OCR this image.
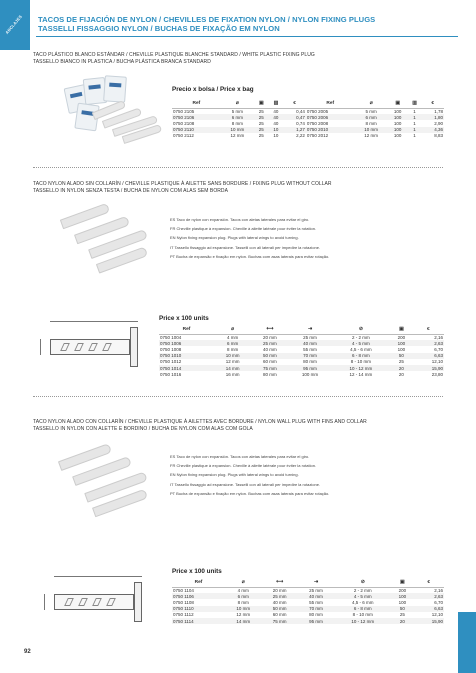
ANCLAJES TACOS DE FIJACIÓN DE NYLON / CHEVILLES DE FIXATION NYLON / NYLON FIXING PLUGS
TASSELLI FISSAGGIO NYLON / BUCHAS DE FIXAÇÃO EM NYLON
TACO PLÁSTICO BLANCO ESTÁNDAR / CHEVILLE PLASTIQUE BLANCHE STANDARD / WHITE PLASTIC FIXING PLUG
TASSELLO BIANCO IN PLASTICA / BUCHA PLÁSTICA BRANCA STANDARD
Precio x bolsa / Price x bag
Ref	⌀	▣	▥	€	Ref	⌀	▣	▥	€
0750 2105	5 mm	25	40	0,44	0750 2005	5 mm	100	1	1,78
0750 2106	6 mm	25	40	0,47	0750 2006	6 mm	100	1	1,80
0750 2108	8 mm	25	40	0,74	0750 2008	8 mm	100	1	2,90
0750 2110	10 mm	25	10	1,27	0750 2010	10 mm	100	1	4,36
0750 2112	12 mm	25	10	2,22	0750 2012	12 mm	100	1	8,83
TACO NYLON ALADO SIN COLLARÍN / CHEVILLE PLASTIQUE À AILETTE SANS BORDURE / FIXING PLUG WITHOUT COLLAR
TASSELLO IN NYLON SENZA TESTA / BUCHA DE NYLON COM ALAS SEM BORDA
ES Taco de nylon con expansión. Tacos con aletas laterales para evitar el giro.
FR Cheville plastique à expansion. Cheville à ailette latérale pour éviter la rotation.
EN Nylon fixing expansion plug. Plugs with lateral wings to avoid turning.
IT Tassello fissaggio ad espansione. Tasselli con ali laterali per impedire la rotazione.
PT Bucha de expansão e fixação em nylon. Buchas com asas laterais para evitar rotação.
Price x 100 units
Ref	⌀	⟷	⇥	⊘	▣	€
0750 1004	4 mm	20 mm	25 mm	2 - 2 mm	200	2,16
0750 1006	6 mm	25 mm	40 mm	4 - 5 mm	100	2,63
0750 1008	8 mm	40 mm	55 mm	4,5 - 6 mm	100	6,70
0750 1010	10 mm	50 mm	70 mm	6 - 8 mm	50	6,63
0750 1012	12 mm	60 mm	80 mm	8 - 10 mm	25	12,10
0750 1014	14 mm	75 mm	95 mm	10 - 12 mm	20	15,90
0750 1016	16 mm	80 mm	100 mm	12 - 14 mm	20	23,80
TACO NYLON ALADO CON COLLARÍN / CHEVILLE PLASTIQUE À AILETTES AVEC BORDURE / NYLON WALL PLUG WITH FINS AND COLLAR
TASSELLO IN NYLON CON ALETTE E BORDINO / BUCHA DE NYLON COM ALAS COM GOLA
ES Taco de nylon con expansión. Tacos con aletas laterales para evitar el giro.
FR Cheville plastique à expansion. Cheville à ailette latérale pour éviter la rotation.
EN Nylon fixing expansion plug. Plugs with lateral wings to avoid turning.
IT Tassello fissaggio ad espansione. Tasselli con ali laterali per impedire la rotazione.
PT Bucha de expansão e fixação em nylon. Buchas com asas laterais para evitar rotação.
Price x 100 units
Ref	⌀	⟷	⇥	⊘	▣	€
0750 1104	4 mm	20 mm	25 mm	2 - 2 mm	200	2,16
0750 1106	6 mm	25 mm	40 mm	4 - 5 mm	100	2,63
0750 1108	8 mm	40 mm	55 mm	4,5 - 6 mm	100	6,70
0750 1110	10 mm	50 mm	70 mm	6 - 8 mm	50	6,63
0750 1112	12 mm	60 mm	80 mm	8 - 10 mm	25	12,10
0750 1114	14 mm	75 mm	95 mm	10 - 12 mm	20	15,90
92
